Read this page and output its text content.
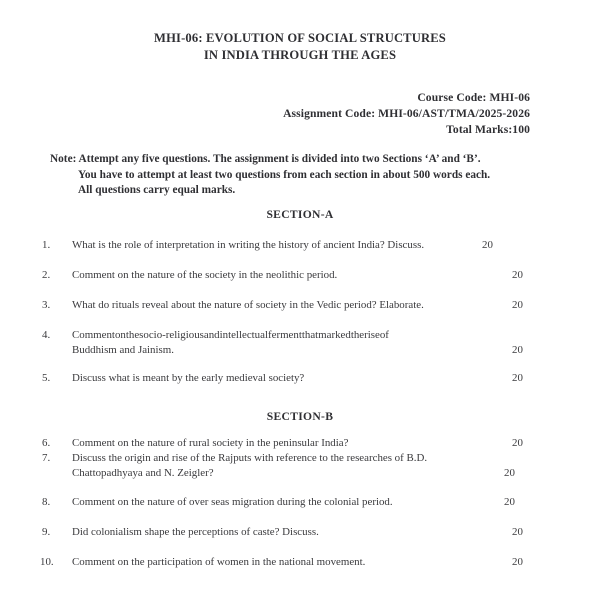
MHI-06: EVOLUTION OF SOCIAL STRUCTURES
IN INDIA THROUGH THE AGES
Course Code: MHI-06
Assignment Code: MHI-06/AST/TMA/2025-2026
Total Marks:100
Note: Attempt any five questions. The assignment is divided into two Sections ‘A’ and ‘B’.
You have to attempt at least two questions from each section in about 500 words each.
All questions carry equal marks.
SECTION-A
1.	What is the role of interpretation in writing the history of ancient India? Discuss.	20
2.	Comment on the nature of the society in the neolithic period.	20
3.	What do rituals reveal about the nature of society in the Vedic period? Elaborate.	20
4.	Commentonthesocio-religiousandintellectualfermentthatmarkedtheriseof
Buddhism and Jainism.	20
5.	Discuss what is meant by the early medieval society?	20
SECTION-B
6.	Comment on the nature of rural society in the peninsular India?	20
7.	Discuss the origin and rise of the Rajputs with reference to the researches of B.D.
Chattopadhyaya and N. Zeigler?	20
8.	Comment on the nature of over seas migration during the colonial period.	20
9.	Did colonialism shape the perceptions of caste? Discuss.	20
10.	Comment on the participation of women in the national movement.	20
